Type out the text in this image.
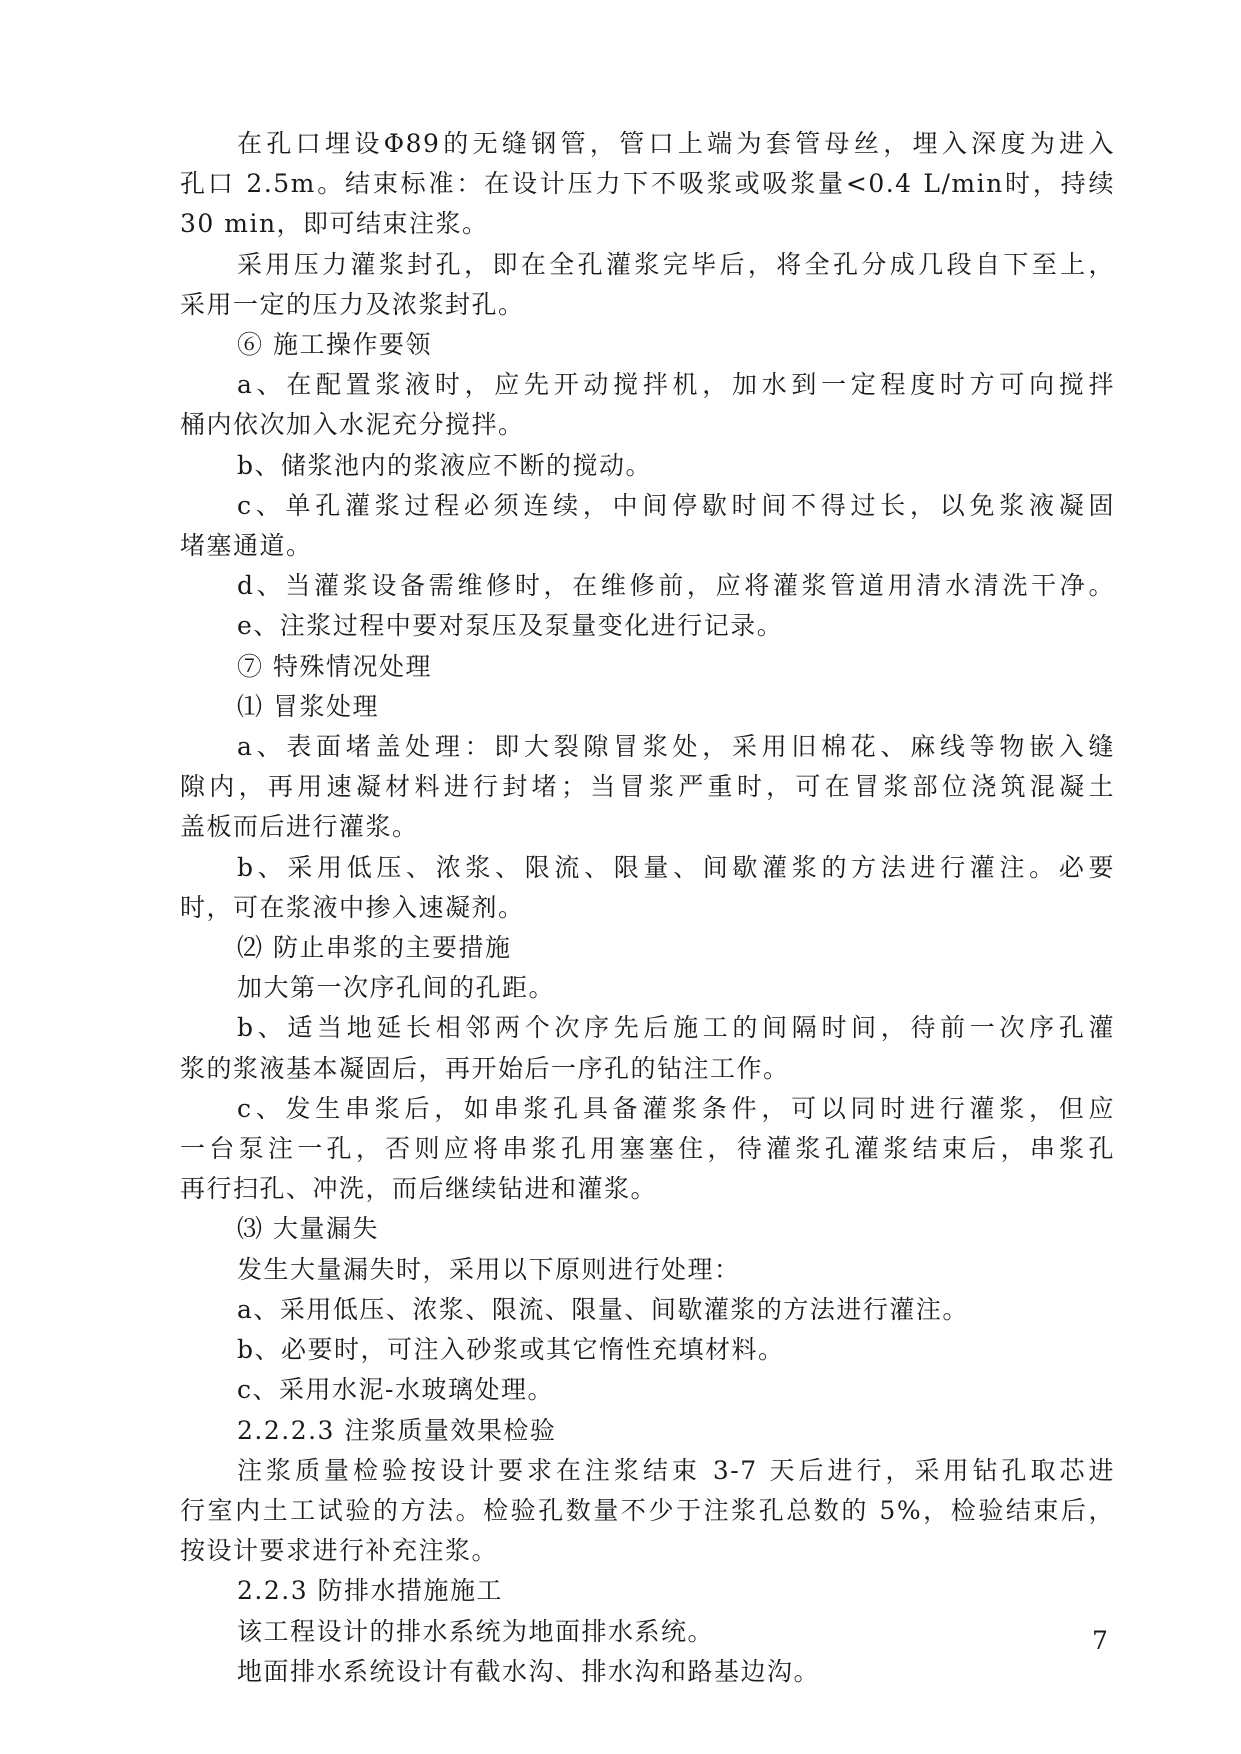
在孔口埋设Φ89的无缝钢管，管口上端为套管母丝，埋入深度为进入
孔口 2.5m。结束标准：在设计压力下不吸浆或吸浆量<0.4 L/min时，持续
30 min，即可结束注浆。
采用压力灌浆封孔，即在全孔灌浆完毕后，将全孔分成几段自下至上，
采用一定的压力及浓浆封孔。
⑥ 施工操作要领
a、在配置浆液时，应先开动搅拌机，加水到一定程度时方可向搅拌
桶内依次加入水泥充分搅拌。
b、储浆池内的浆液应不断的搅动。
c、单孔灌浆过程必须连续，中间停歇时间不得过长，以免浆液凝固
堵塞通道。
d、当灌浆设备需维修时，在维修前，应将灌浆管道用清水清洗干净。
e、注浆过程中要对泵压及泵量变化进行记录。
⑦ 特殊情况处理
⑴ 冒浆处理
a、表面堵盖处理：即大裂隙冒浆处，采用旧棉花、麻线等物嵌入缝
隙内，再用速凝材料进行封堵；当冒浆严重时，可在冒浆部位浇筑混凝土
盖板而后进行灌浆。
b、采用低压、浓浆、限流、限量、间歇灌浆的方法进行灌注。必要
时，可在浆液中掺入速凝剂。
⑵ 防止串浆的主要措施
加大第一次序孔间的孔距。
b、适当地延长相邻两个次序先后施工的间隔时间，待前一次序孔灌
浆的浆液基本凝固后，再开始后一序孔的钻注工作。
c、发生串浆后，如串浆孔具备灌浆条件，可以同时进行灌浆，但应
一台泵注一孔，否则应将串浆孔用塞塞住，待灌浆孔灌浆结束后，串浆孔
再行扫孔、冲洗，而后继续钻进和灌浆。
⑶ 大量漏失
发生大量漏失时，采用以下原则进行处理：
a、采用低压、浓浆、限流、限量、间歇灌浆的方法进行灌注。
b、必要时，可注入砂浆或其它惰性充填材料。
c、采用水泥-水玻璃处理。
2.2.2.3 注浆质量效果检验
注浆质量检验按设计要求在注浆结束 3-7 天后进行，采用钻孔取芯进
行室内土工试验的方法。检验孔数量不少于注浆孔总数的 5%，检验结束后，
按设计要求进行补充注浆。
2.2.3 防排水措施施工
该工程设计的排水系统为地面排水系统。
地面排水系统设计有截水沟、排水沟和路基边沟。
7
